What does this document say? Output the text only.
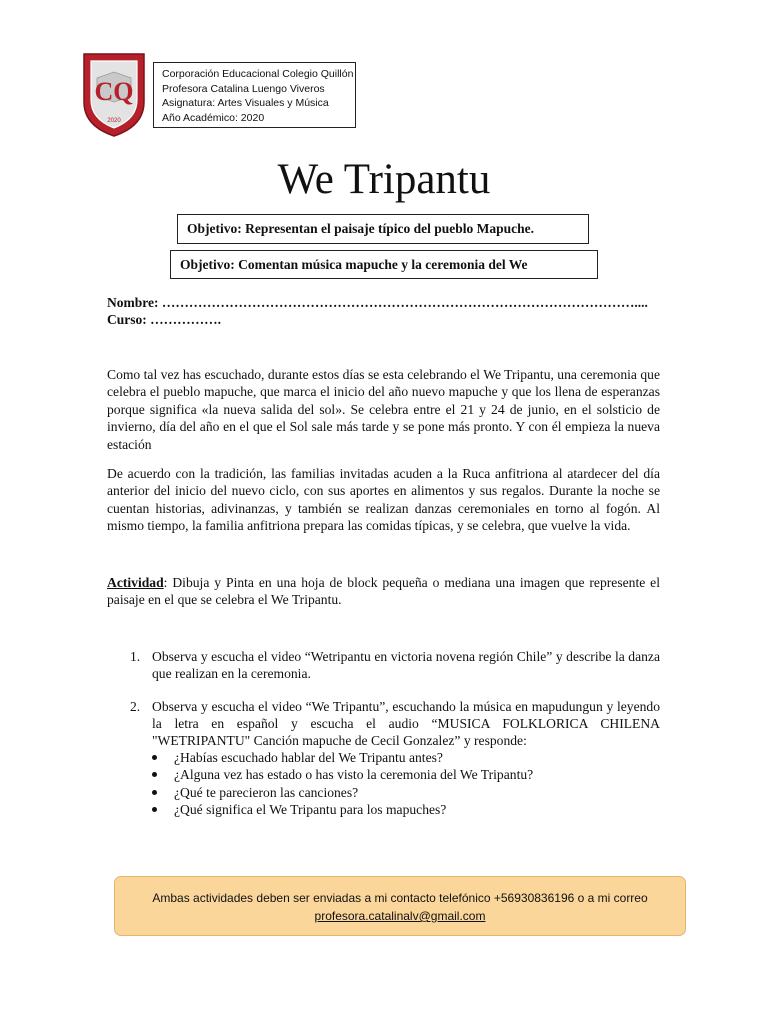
CQ
2020
Corporación Educacional Colegio Quillón
Profesora Catalina Luengo Viveros
Asignatura: Artes Visuales y Música
Año Académico: 2020
We Tripantu
Objetivo: Representan el paisaje típico del pueblo Mapuche.
Objetivo: Comentan música mapuche y la ceremonia del We
Nombre: ……………………………………………………………………………………………....
Curso: …………….
Como tal vez has escuchado, durante estos días se esta celebrando el We Tripantu, una ceremonia que celebra el pueblo mapuche, que marca el inicio del año nuevo mapuche y que los llena de esperanzas porque significa «la nueva salida del sol». Se celebra entre el 21 y 24 de junio, en el solsticio de invierno, día del año en el que el Sol sale más tarde y se pone más pronto. Y con él empieza la nueva estación
De acuerdo con la tradición, las familias invitadas acuden a la Ruca anfitriona al atardecer del día anterior del inicio del nuevo ciclo, con sus aportes en alimentos y sus regalos. Durante la noche se cuentan historias, adivinanzas, y también se realizan danzas ceremoniales en torno al fogón. Al mismo tiempo, la familia anfitriona prepara las comidas típicas, y se celebra, que vuelve la vida.
Actividad: Dibuja y Pinta en una hoja de block pequeña o mediana una imagen que represente el paisaje en el que se celebra el We Tripantu.
1. Observa y escucha el video “Wetripantu en victoria novena región Chile” y describe la danza que realizan en la ceremonia.
2. Observa y escucha el video “We Tripantu”, escuchando la música en mapudungun y leyendo la letra en español y escucha el audio “MUSICA FOLKLORICA CHILENA "WETRIPANTU" Canción mapuche de Cecil Gonzalez” y responde:
¿Habías escuchado hablar del We Tripantu antes?
¿Alguna vez has estado o has visto la ceremonia del We Tripantu?
¿Qué te parecieron las canciones?
¿Qué significa el We Tripantu para los mapuches?
Ambas actividades deben ser enviadas a mi contacto telefónico +56930836196 o a mi correo
profesora.catalinalv@gmail.com
